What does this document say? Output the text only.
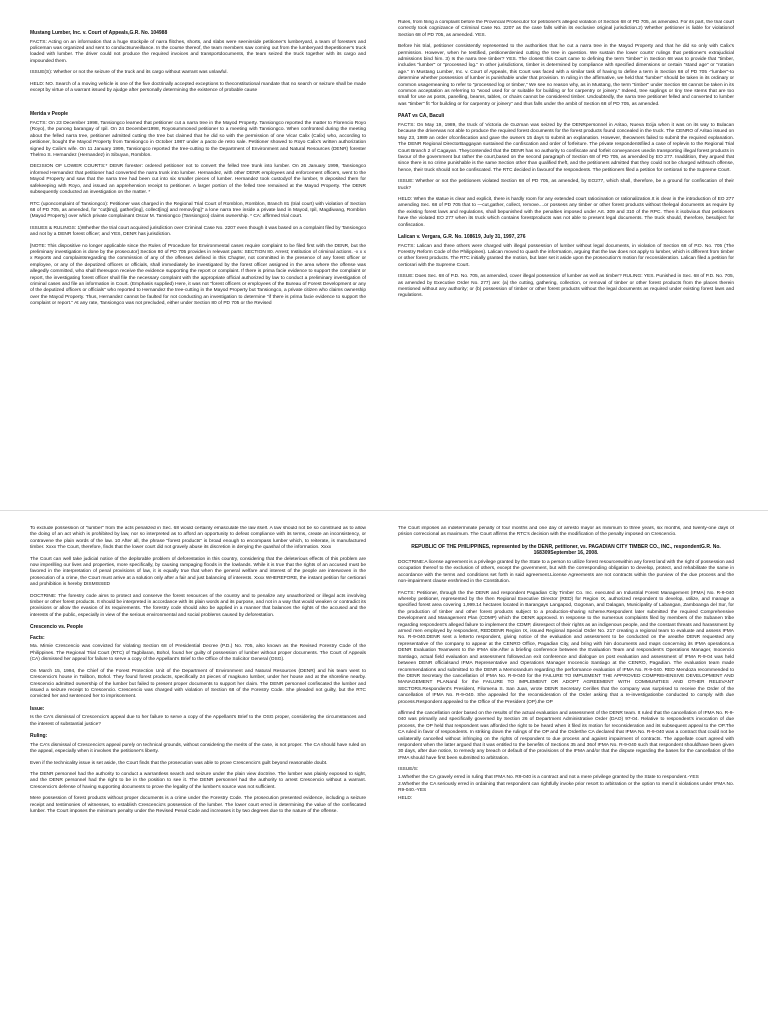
Mustang Lumber, Inc. v. Court of Appeals,G.R. No. 104988

FACTS: Acting on an information that a huge stockpile of narra flitches, shorts, and slabs were seeninside petitioner's lumberyard, a team of foresters and policeman was organized and sent to conductsurveillance. In the course thereof, the team members saw coming out from the lumberyard thepetitioner's truck loaded with lumber. The driver could not produce the required invoices and transportdocuments, the team seized the truck together with its cargo and impounded them.

ISSUE(S): Whether or not the seizure of the truck and its cargo without warrant was unlawful.

HELD: NO. Search of a moving vehicle is one of the five doctrinally accepted exceptions to theconstitutional mandate that no search or seizure shall be made except by virtue of a warrant issued by ajudge after personally determining the existence of probable cause

Merida v People

FACTS: On 23 December 1998, Tansiongco learned that petitioner cut a narra tree in the Mayod Property. Tansiongco reported the matter to Florencio Royo (Royo), the punong barangay of Ipil. On 24 December1998, Royosummoned petitioner to a meeting with Tansiongco. When confronted during the meeting about the felled narra tree, petitioner admitted cutting the tree but claimed that he did so with the permission of one Vicar Calix (Calix) who, according to petitioner, bought the Mayod Property from Tansiongco in October 1987 under a pacto de retro sale. Petitioner showed to Royo Calix's written authorization signed by Calix's wife. On 11 January 1999, Tansiongco reported the tree-cutting to the Department of Environment and Natural Resources (DENR) forester Thelmo S. Hernandez (Hernandez) in Sibuyan, Romblon.

DECISION OF LOWER COURTS:* DENR forester: ordered petitioner not to convert the felled tree trunk into lumber. On 26 January 1999, Tansiongco informed Hernandez that petitioner had converted the narra trunk into lumber. Hernandez, with other DENR employees and enforcement officers, went to the Mayod Property and saw that the narra tree had been cut into six smaller pieces of lumber. Hernandez took custodyof the lumber, 9 deposited them for safekeeping with Royo, and issued an apprehension receipt to petitioner. A larger portion of the felled tree remained at the Mayod Property. The DENR subsequently conducted an investigation on the matter. *

RTC (uponcomplaint of Tansiongco): Petitioner was charged in the Regional Trial Court of Romblon, Romblon, Branch 81 (trial court) with violation of Section 68 of PD 705, as amended, for "cut[ting], gather[ing], collect[ing] and remov[ing]" a lone narra tree inside a private land in Mayod, Ipil, Magdiwang, Romblon (Mayod Property) over which private complainant Oscar M. Tansiongco (Tansiongco) claims ownership. * CA: affirmed trial court.

ISSUES & RULINGS: 1)Whether the trial court acquired jurisdiction over Criminal Case No. 2207 even though it was based on a complaint filed by Tansiongco and not by a DENR forest officer; and YES, DENR has jurisdiction.

[NOTE: This dispositive no longer applicable since the Rules of Procedure for Environmental cases require complaint to be filed first with the DENR, but the preliminary investigation is done by the prosecutor] Section 80 of PD 705 provides in relevant parts: SECTION 80. Arrest; Institution of criminal actions. -x x x x Reports and complaintsregarding the commission of any of the offenses defined in this Chapter, not committed in the presence of any forest officer or employee, or any of the deputized officers or officials, shall immediately be investigated by the forest officer assigned in the area where the offense was allegedly committed, who shall thereupon receive the evidence supporting the report or complaint. If there is prima facie evidence to support the complaint or report, the investigating forest officer shall file the necessary complaint with the appropriate official authorized by law to conduct a preliminary investigation of criminal cases and file an information in Court. (Emphasis supplied) Here, it was not "forest officers or employees of the Bureau of Forest Development or any of the deputized officers or officials" who reported to Hernandez the tree-cutting in the Mayod Property but Tansiongco, a private citizen who claims ownership over the Mayod Property. Thus, Hernandez cannot be faulted for not conducting an investigation to determine "if there is prima facie evidence to support the complaint or report." At any rate, Tansiongco was not precluded, either under Section 80 of PD 705 or the Revised

Rules, from filing a complaint before the Provincial Prosecutor for petitioner's alleged violation of Section 68 of PD 705, as amended. For its part, the trial court correctly took cognizance of Criminal Case No. 2207 as the case falls within its exclusive original jurisdiction.2) Whether petitioner is liable for violationof Section 68 of PD 705, as amended. YES.

Before his trial, petitioner consistently represented to the authorities that he cut a narra tree in the Mayod Property and that he did so only with Calix's permission. However, when he testified, petitionerdenied cutting the tree in question. We sustain the lower courts' rulings that petitioner's extrajudicial admissions bind him. 3) Is the narra tree timber? YES. The closest this Court came to defining the term "timber" in Section 68 was to provide that "timber, includes "lumber" or "processed log." In other jurisdictions, timber is determined by compliance with specified dimensions or certain "stand age" or "rotation age." In Mustang Lumber, Inc. v. Court of Appeals, this Court was faced with a similar task of having to define a term in Section 68 of PD 705 -"lumber"-to determine whether possession of lumber is punishable under that provision. In ruling in the affirmative, we held that "lumber" should be taken in its ordinary or common usagemeaning to refer to "processed log or timber," We see no reason why, as in Mustang, the term "timber" under Section 68 cannot be taken in its common acceptation as referring to "wood used for or suitable for building or for carpentry or joinery." Indeed, tree saplings or tiny tree stems that are too small for use as posts, panelling, beams, tables, or chairs cannot be considered timber. Undoubtedly, the narra tree petitioner felled and converted to lumber was "timber" fit "for building or for carpentry or joinery" and thus falls under the ambit of Section 68 of PD 705, as amended.

PAAT vs CA, Baculi

FACTS: On May 19, 1989, the truck of Victoria de Guzman was seized by the DENRpersonnel in Aritao, Nueva Ecija when it was on its way to Bulacan because the driverwas not able to produce the required forest documents for the forest products found concealed in the truck. The CENRO of Aritao issued on May 23, 1989 an order ofconfiscation and gave the owners 15 days to submit an explanation. However, theowners failed to submit the required explanation. The DENR Regional DirectorBaggayan sustained the confiscation and order of forfeiture. The private respondentsfiled a case of replevin to the Regional Trial Court Branch 2 of Cagayan. Theycontended that the DENR has no authority to confiscate and forfeit conveyances usedin transporting illegal forest products in favour of the government but rather the court,based on the second paragraph of Section 68 of PD 705, as amended by EO 277. Inaddition, they argued that since there is no crime punishable is the same Section other than qualified theft, and the petitioners admitted that they could not be charged withsuch offense, hence, their truck should not be confiscated. The RTC decided in favourof the respondents. The petitioners filed a petition for certiorari to the Supreme Court.

ISSUE: Whether or not the petitioners violated Section 68 of PD 705, as amended, by EO277, which shall, therefore, be a ground for confiscation of their truck?

HELD: When the statue is clear and explicit, there is hardly room for any extended court ratiocination or rationalization.It is clear in the introduction of EO 277 amending Sec. 68 of PD 705 that to —cut,gather, collect, remove....or possess any timber or other forest products without thelegal documents as require by the existing forest laws and regulations, shall bepunished with the penalties imposed under Art. 309 and 310 of the RPC. Then it isobvious that petitioners have the violated EO 277 when its truck which contains forestproducts was not able to present legal documents. The truck should, therefore, besubject for confiscation.

Lalican v. Vergara, G.R. No. 108619, July 31, 1997, 276

FACTS: Lalican and three others were charged with illegal possession of lumber without legal documents, in violation of Section 68 of P.D. No. 705 (The Forestry Reform Code of the Philippines). Lalican moved to quash the information, arguing that the law does not apply to lumber, which is different from timber or other forest products. The RTC initially granted the motion, but later set it aside upon the prosecution's motion for reconsideration. Lalican filed a petition for certiorari with the Supreme Court.

ISSUE: Does Sec. 68 of P.D. No. 705, as amended, cover illegal possession of lumber as well as timber? RULING: YES. Punished in Sec. 68 of P.D. No. 705, as amended by Executive Order No. 277) are: (a) the cutting, gathering, collection, or removal of timber or other forest products from the places therein mentioned without any authority; or (b) possession of timber or other forest products without the legal documents as required under existing forest laws and regulations.

To exclude possession of "lumber" from the acts penalized in Sec. 68 would certainly emasculate the law itself. A law should not be so construed as to allow the doing of an act which is prohibited by law, nor so interpreted as to afford an opportunity to defeat compliance with its terms, create an inconsistency, or contravene the plain words of the law. 10 After all, the phrase "forest products" is broad enough to encompass lumber which, to reiterate, is manufactured timber. Xxxx The Court, therefore, finds that the lower court did not gravely abuse its discretion in denying the quashal of the information. Xxxx

The Court can well take judicial notice of the deplorable problem of deforestation in this country, considering that the deleterious effects of this problem are now imperilling our lives and properties, more specifically, by causing rampaging floods in the lowlands. While it is true that the rights of an accused must be favored in the interpretation of penal provisions of law, it is equally true that when the general welfare and interest of the people are interwoven in the prosecution of a crime, the Court must arrive at a solution only after a fair and just balancing of interests. Xxxx WHEREFORE, the instant petition for certiorari and prohibition is hereby DISMISSED

DOCTRINE: The forestry code aims to protect and conserve the forest resources of the country and to penalize any unauthorized or illegal acts involving timber or other forest products. It should be interpreted in accordance with its plain words and its purpose, and not in a way that would weaken or contradict its provisions or allow the evasion of its requirements. The forestry code should also be applied in a manner that balances the rights of the accused and the interests of the public, especially in view of the serious environmental and social problems caused by deforestation.

Crescencio vs. People
Facts:

Ma. Mimie Crescencio was convicted for violating Section 68 of Presidential Decree (P.D.) No. 705, also known as the Revised Forestry Code of the Philippines. The Regional Trial Court (RTC) of Tagbilaran, Bohol, found her guilty of possession of lumber without proper documents. The Court of Appeals (CA) dismissed her appeal for failure to serve a copy of the Appellant's Brief to the Office of the Solicitor General (OSG).

On March 15, 1994, the Chief of the Forest Protection Unit of the Department of Environment and Natural Resources (DENR) and his team went to Crescencio's house in Talibon, Bohol. They found forest products, specifically 24 pieces of magkuno lumber, under her house and at the shoreline nearby. Crescencio admitted ownership of the lumber but failed to present proper documents to support her claim. The DENR personnel confiscated the lumber and issued a seizure receipt to Crescencio. Crescencio was charged with violation of Section 68 of the Forestry Code. She pleaded not guilty, but the RTC convicted her and sentenced her to imprisonment.

Issue:

Is the CA's dismissal of Crescencio's appeal due to her failure to serve a copy of the Appellant's Brief to the OSG proper, considering the circumstances and the interest of substantial justice?

Ruling:

The CA's dismissal of Crescencio's appeal purely on technical grounds, without considering the merits of the case, is not proper. The CA should have ruled on the appeal, especially when it involves the petitioner's liberty.

Even if the technicality issue is set aside, the Court finds that the prosecution was able to prove Crescencio's guilt beyond reasonable doubt.

The DENR personnel had the authority to conduct a warrantless search and seizure under the plain view doctrine. The lumber was plainly exposed to sight, and the DENR personnel had the right to be in the position to see it. The DENR personnel had the authority to arrest Crescencio without a warrant. Crescencio's defense of having supporting documents to prove the legality of the lumber's source was not sufficient.

Mere possession of forest products without proper documents is a crime under the Forestry Code. The prosecution presented evidence, including a seizure receipt and testimonies of witnesses, to establish Crescencio's possession of the lumber. The lower court erred in determining the value of the confiscated lumber. The Court imposes the minimum penalty under the Revised Penal Code and increases it by two degrees due to the nature of the offense.

The Court imposes an indeterminate penalty of four months and one day of arresto mayor as minimum to three years, six months, and twenty-one days of prision correccional as maximum. The Court affirms the RTC's decision with the modification of the penalty imposed on Crescencio.

REPUBLIC OF THE PHILIPPINES, represented by the DENR, petitioner, vs. PAGADIAN CITY TIMBER CO., INC., respondentG.R. No. 168309September 16, 2008.

DOCTRINE:A license agreement is a privilege granted by the State to a person to utilize forest resourceswithin any forest land with the right of possession and occupation thereof to the exclusion of others, except the government, but with the corresponding obligation to develop, protect, and rehabilitate the same in accordance with the terms and conditions set forth in said agreement.License Agreements are not contracts within the purview of the due process and the non-impairment clause enshrined in the Constitution.

FACTS: Petitioner, through the the DENR and respondent Pagadian City Timber Co. Inc. executed an Industrial Forest Management (IFMA) No. R-9-040 whereby petitioner, represented by the then Regional Executive Director (RED) for Region IX, authorized respondent to develop, utilize, and manage a specified forest area covering 1,999.14 hectares located in Barangays Langapod, Gogonan, and Dalagan, Municipality of Labangan, Zamboanga del Sur, for the production of timber and other forest products subject to a production-sharing scheme.Respondent later submitted the required Comprehensive Development and Management Plan (CDMP) which the DENR approved. In response to the numerous complaints filed by members of the Subanen tribe regarding respondent's alleged failure to implement the CDMP, disrespect of their rights as an indigenous people, and the constant threats and harassment by armed men employed by respondent, REDDENR Region IX, issued Regional Special Order No. 217 creating a regional team to evaluate and assess IFMA No. R-9-040.DENR sent a letterto respondent, giving notice of the evaluation and assessment to be conducted on the areathe DENR requested any representative of the company to appear at the CENRO Office, Pagadian City, and bring with him documents and maps concerning its IFMA operations.a DENR Evaluation Teamwent to the IFMA site.After a briefing conference between the Evaluation Team and respondent's Operations Manager, Inocencio Santiago, actual field evaluation and assessment followed.an exit conference and dialogue on post evaluation and assessment of IFMA R-9-04 was held between DENR officialsand IFMA Representative and Operations Manager Inocencio Santiago at the CENRO, Pagadian. The evaluation team made recommendations and submitted to the DENR a Memorandum regarding the performance evaluation of IFMA No. R-9-040. RED Mendoza recommended to the DENR Secretary the cancellation of IFMA No. R-9-040 for the FAILURE TO IMPLEMENT THE APPROVED COMPREHENSIVE DEVELOPMENT AND MANAGEMENT PLANand for the FAILURE TO IMPLEMENT OR ADOPT AGREEMENT WITH COMMUNITIES AND OTHER RELEVANT SECTORS.Respondent's President, Filomena S. San Juan, wrote DENR Secretary Cerilles that the company was surprised to receive the Order of the cancellation of IFMA No. R-9-040. She appealed for the reconsideration of the Order asking that a re-investigationbe conducted to comply with due process.Respondent appealed to the Office of the President (OP).the OP

affirmed the cancellation order based on the results of the actual evaluation and assessment of the DENR team. It ruled that the cancellation of IFMA No. R-9-040 was primarily and specifically governed by Section 26 of Department Administrative Order (DAO) 97-04. Relative to respondent's invocation of due process, the OP held that respondent was afforded the right to be heard when it filed its motion for reconsideration and its subsequent appeal to the OP.The CA ruled in favor of respondents. In striking down the rulings of the OP and the Orderthe CA declared that IFMA No. R-9-040 was a contract that could not be unilaterally cancelled without infringing on the rights of respondent to due process and against impairment of contracts. The appellate court agreed with respondent when the latter argued that it was entitled to the benefits of Sections 35 and 36of IFMA No. R-9-040 such that respondent shouldhave been given 30 days, after due notice, to remedy any breach or default of the provisions of the IFMA and/or that the dispute regarding the bases for the cancellation of the IFMA should have first been submitted to arbitration.

ISSUE/S:

1.Whether the CA gravely erred in ruling that IFMA No. R9-040 is a contract and not a mere privilege granted by the State to respondent.-YES

2.Whether the CA seriously erred in ordaining that respondent can rightfully invoke prior resort to arbitration or the option to mend it violations under IFMA No. R9-040.-YES

HELD:
